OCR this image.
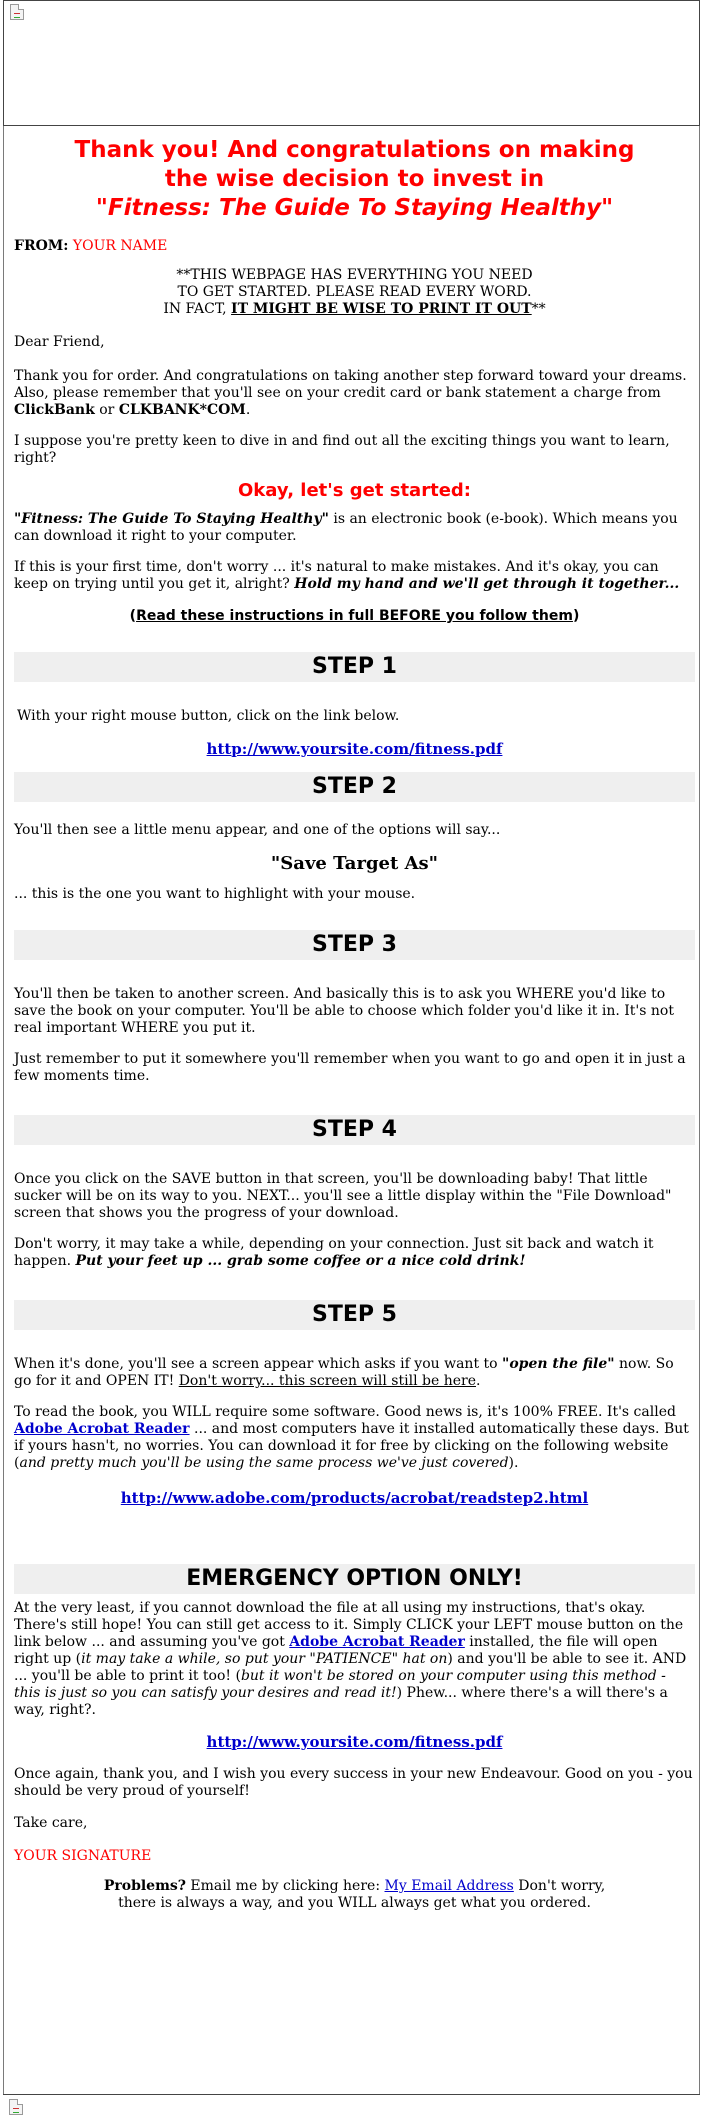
Thank you! And congratulations on making
the wise decision to invest in
"Fitness: The Guide To Staying Healthy"

FROM: YOUR NAME

**THIS WEBPAGE HAS EVERYTHING YOU NEED
TO GET STARTED. PLEASE READ EVERY WORD.
IN FACT, IT MIGHT BE WISE TO PRINT IT OUT**

Dear Friend,

Thank you for order. And congratulations on taking another step forward toward your dreams. Also, please remember that you'll see on your credit card or bank statement a charge from ClickBank or CLKBANK*COM.

I suppose you're pretty keen to dive in and find out all the exciting things you want to learn, right?

Okay, let's get started:

"Fitness: The Guide To Staying Healthy" is an electronic book (e-book). Which means you can download it right to your computer.

If this is your first time, don't worry ... it's natural to make mistakes. And it's okay, you can keep on trying until you get it, alright? Hold my hand and we'll get through it together...

(Read these instructions in full BEFORE you follow them)

STEP 1

With your right mouse button, click on the link below.

http://www.yoursite.com/fitness.pdf

STEP 2

You'll then see a little menu appear, and one of the options will say...

"Save Target As"

... this is the one you want to highlight with your mouse.

STEP 3

You'll then be taken to another screen. And basically this is to ask you WHERE you'd like to save the book on your computer. You'll be able to choose which folder you'd like it in. It's not real important WHERE you put it.

Just remember to put it somewhere you'll remember when you want to go and open it in just a few moments time.

STEP 4

Once you click on the SAVE button in that screen, you'll be downloading baby! That little sucker will be on its way to you. NEXT... you'll see a little display within the "File Download" screen that shows you the progress of your download.

Don't worry, it may take a while, depending on your connection. Just sit back and watch it happen. Put your feet up ... grab some coffee or a nice cold drink!

STEP 5

When it's done, you'll see a screen appear which asks if you want to "open the file" now. So go for it and OPEN IT! Don't worry... this screen will still be here.

To read the book, you WILL require some software. Good news is, it's 100% FREE. It's called Adobe Acrobat Reader ... and most computers have it installed automatically these days. But if yours hasn't, no worries. You can download it for free by clicking on the following website (and pretty much you'll be using the same process we've just covered).

http://www.adobe.com/products/acrobat/readstep2.html

EMERGENCY OPTION ONLY!

At the very least, if you cannot download the file at all using my instructions, that's okay. There's still hope! You can still get access to it. Simply CLICK your LEFT mouse button on the link below ... and assuming you've got Adobe Acrobat Reader installed, the file will open right up (it may take a while, so put your "PATIENCE" hat on) and you'll be able to see it. AND ... you'll be able to print it too! (but it won't be stored on your computer using this method - this is just so you can satisfy your desires and read it!) Phew... where there's a will there's a way, right?.

http://www.yoursite.com/fitness.pdf

Once again, thank you, and I wish you every success in your new Endeavour. Good on you - you should be very proud of yourself!

Take care,

YOUR SIGNATURE

Problems? Email me by clicking here: My Email Address Don't worry,
there is always a way, and you WILL always get what you ordered.
